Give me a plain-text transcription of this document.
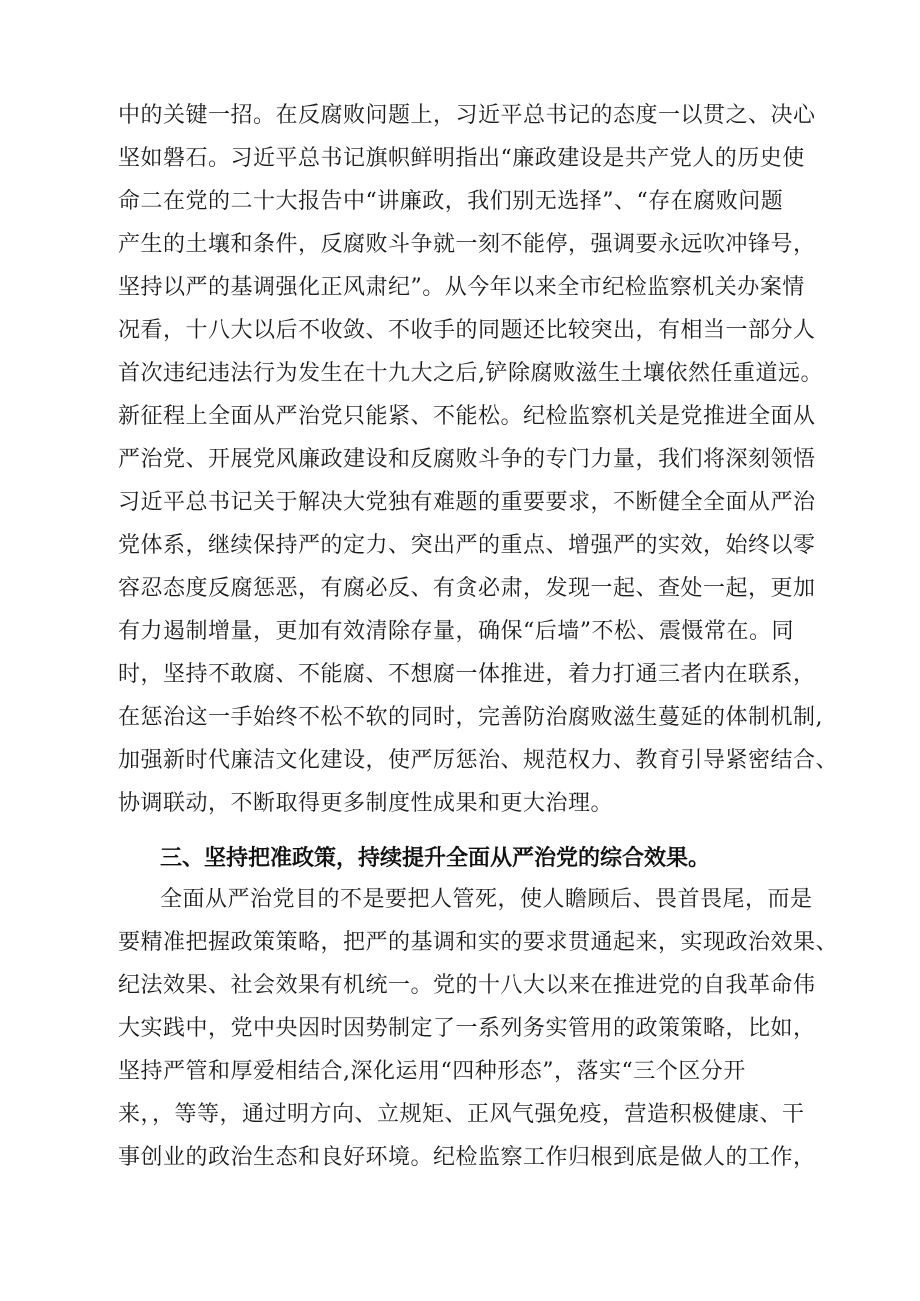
中的关键一招。在反腐败问题上，习近平总书记的态度一以贯之、决心
坚如磐石。习近平总书记旗帜鲜明指出“廉政建设是共产党人的历史使
命二在党的二十大报告中“讲廉政，我们别无选择”、“存在腐败问题
产生的土壤和条件，反腐败斗争就一刻不能停，强调要永远吹冲锋号，
坚持以严的基调强化正风肃纪”。从今年以来全市纪检监察机关办案情
况看，十八大以后不收敛、不收手的同题还比较突出，有相当一部分人
首次违纪违法行为发生在十九大之后,铲除腐败滋生土壤依然任重道远。
新征程上全面从严治党只能紧、不能松。纪检监察机关是党推进全面从
严治党、开展党风廉政建设和反腐败斗争的专门力量，我们将深刻领悟
习近平总书记关于解决大党独有难题的重要要求，不断健全全面从严治
党体系，继续保持严的定力、突出严的重点、增强严的实效，始终以零
容忍态度反腐惩恶，有腐必反、有贪必肃，发现一起、查处一起，更加
有力遏制增量，更加有效清除存量，确保“后墙”不松、震慑常在。同
时，坚持不敢腐、不能腐、不想腐一体推进，着力打通三者内在联系，
在惩治这一手始终不松不软的同时，完善防治腐败滋生蔓延的体制机制,
加强新时代廉洁文化建设，使严厉惩治、规范权力、教育引导紧密结合、
协调联动，不断取得更多制度性成果和更大治理。
三、坚持把准政策，持续提升全面从严治党的综合效果。
全面从严治党目的不是要把人管死，使人瞻顾后、畏首畏尾，而是
要精准把握政策策略，把严的基调和实的要求贯通起来，实现政治效果、
纪法效果、社会效果有机统一。党的十八大以来在推进党的自我革命伟
大实践中，党中央因时因势制定了一系列务实管用的政策策略，比如，
坚持严管和厚爱相结合,深化运用“四种形态”，落实“三个区分开
来，，等等，通过明方向、立规矩、正风气强免疫，营造积极健康、干
事创业的政治生态和良好环境。纪检监察工作归根到底是做人的工作，
